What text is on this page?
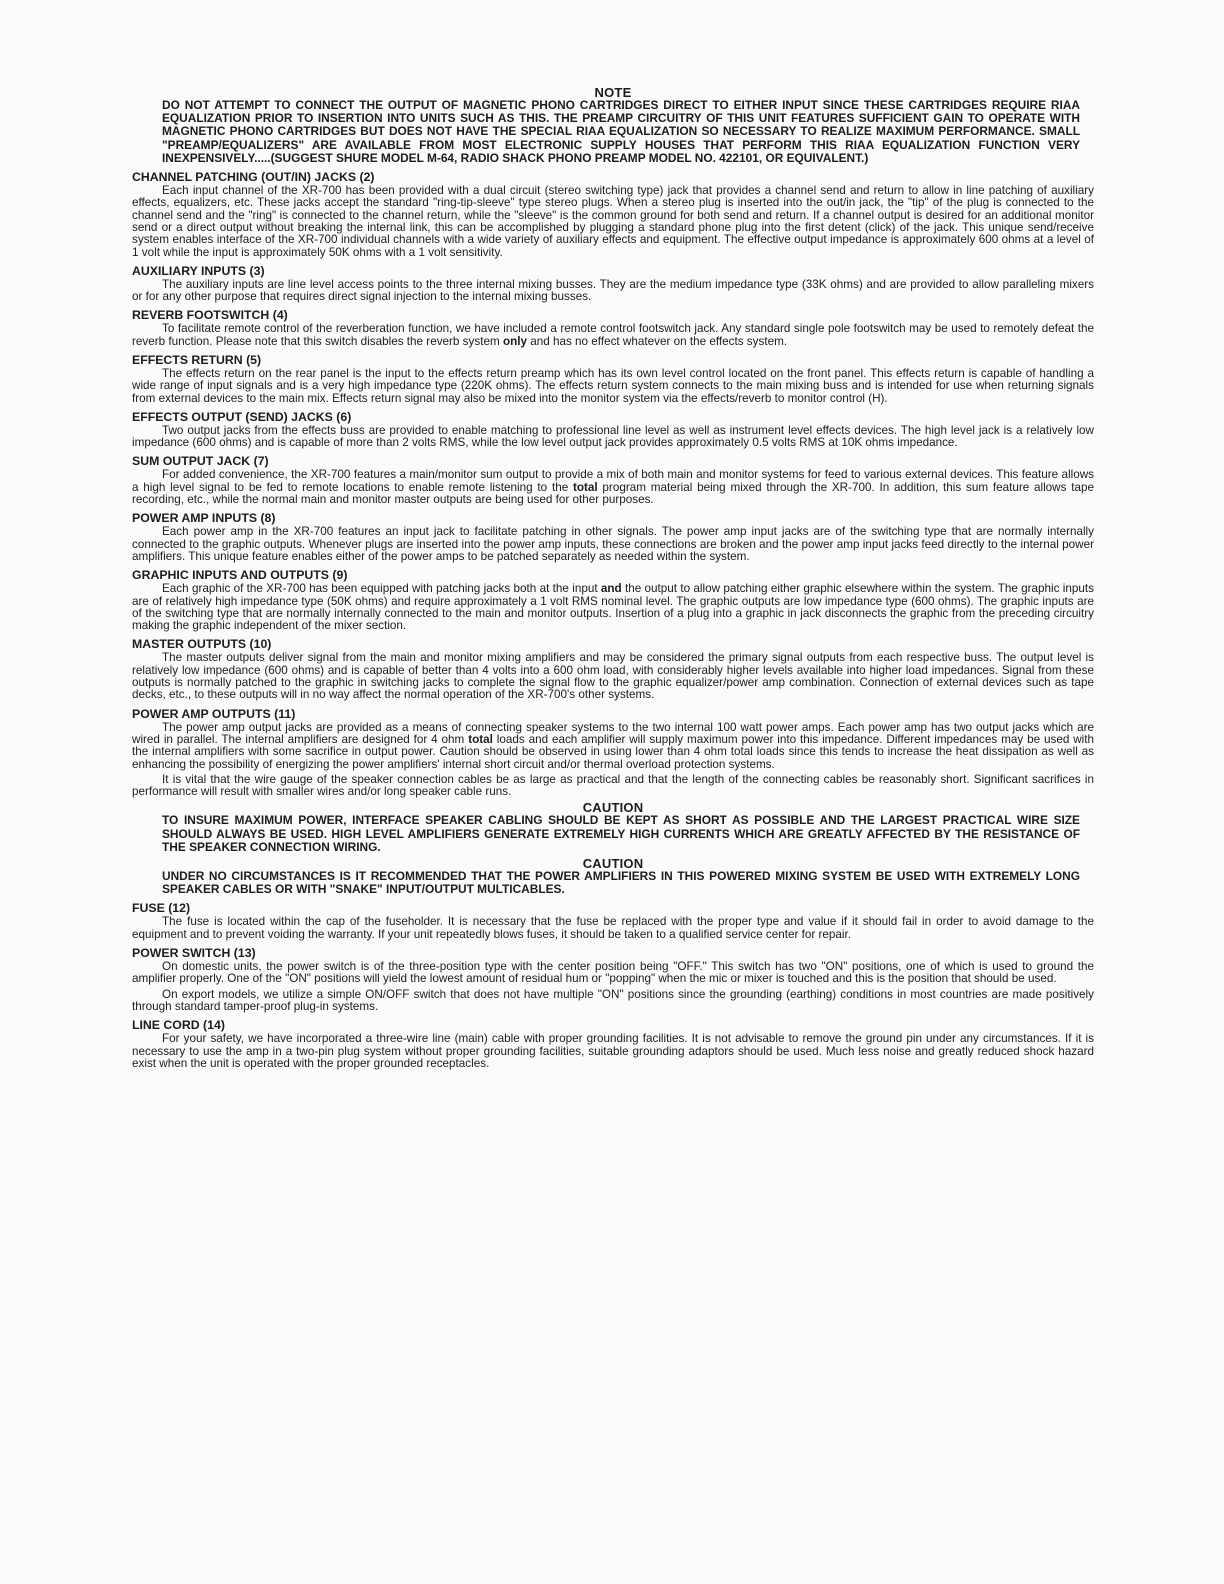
NOTE

DO NOT ATTEMPT TO CONNECT THE OUTPUT OF MAGNETIC PHONO CARTRIDGES DIRECT TO EITHER INPUT SINCE THESE CARTRIDGES REQUIRE RIAA EQUALIZATION PRIOR TO INSERTION INTO UNITS SUCH AS THIS. THE PREAMP CIRCUITRY OF THIS UNIT FEATURES SUFFICIENT GAIN TO OPERATE WITH MAGNETIC PHONO CARTRIDGES BUT DOES NOT HAVE THE SPECIAL RIAA EQUALIZATION SO NECESSARY TO REALIZE MAXIMUM PERFORMANCE. SMALL "PREAMP/EQUALIZERS" ARE AVAILABLE FROM MOST ELECTRONIC SUPPLY HOUSES THAT PERFORM THIS RIAA EQUALIZATION FUNCTION VERY INEXPENSIVELY.....(SUGGEST SHURE MODEL M-64, RADIO SHACK PHONO PREAMP MODEL NO. 422101, OR EQUIVALENT.)

CHANNEL PATCHING (OUT/IN) JACKS (2)

Each input channel of the XR-700 has been provided with a dual circuit (stereo switching type) jack that provides a channel send and return to allow in line patching of auxiliary effects, equalizers, etc. These jacks accept the standard "ring-tip-sleeve" type stereo plugs. When a stereo plug is inserted into the out/in jack, the "tip" of the plug is connected to the channel send and the "ring" is connected to the channel return, while the "sleeve" is the common ground for both send and return. If a channel output is desired for an additional monitor send or a direct output without breaking the internal link, this can be accomplished by plugging a standard phone plug into the first detent (click) of the jack. This unique send/receive system enables interface of the XR-700 individual channels with a wide variety of auxiliary effects and equipment. The effective output impedance is approximately 600 ohms at a level of 1 volt while the input is approximately 50K ohms with a 1 volt sensitivity.

AUXILIARY INPUTS (3)

The auxiliary inputs are line level access points to the three internal mixing busses. They are the medium impedance type (33K ohms) and are provided to allow paralleling mixers or for any other purpose that requires direct signal injection to the internal mixing busses.

REVERB FOOTSWITCH (4)

To facilitate remote control of the reverberation function, we have included a remote control footswitch jack. Any standard single pole footswitch may be used to remotely defeat the reverb function. Please note that this switch disables the reverb system only and has no effect whatever on the effects system.

EFFECTS RETURN (5)

The effects return on the rear panel is the input to the effects return preamp which has its own level control located on the front panel. This effects return is capable of handling a wide range of input signals and is a very high impedance type (220K ohms). The effects return system connects to the main mixing buss and is intended for use when returning signals from external devices to the main mix. Effects return signal may also be mixed into the monitor system via the effects/reverb to monitor control (H).

EFFECTS OUTPUT (SEND) JACKS (6)

Two output jacks from the effects buss are provided to enable matching to professional line level as well as instrument level effects devices. The high level jack is a relatively low impedance (600 ohms) and is capable of more than 2 volts RMS, while the low level output jack provides approximately 0.5 volts RMS at 10K ohms impedance.

SUM OUTPUT JACK (7)

For added convenience, the XR-700 features a main/monitor sum output to provide a mix of both main and monitor systems for feed to various external devices. This feature allows a high level signal to be fed to remote locations to enable remote listening to the total program material being mixed through the XR-700. In addition, this sum feature allows tape recording, etc., while the normal main and monitor master outputs are being used for other purposes.

POWER AMP INPUTS (8)

Each power amp in the XR-700 features an input jack to facilitate patching in other signals. The power amp input jacks are of the switching type that are normally internally connected to the graphic outputs. Whenever plugs are inserted into the power amp inputs, these connections are broken and the power amp input jacks feed directly to the internal power amplifiers. This unique feature enables either of the power amps to be patched separately as needed within the system.

GRAPHIC INPUTS AND OUTPUTS (9)

Each graphic of the XR-700 has been equipped with patching jacks both at the input and the output to allow patching either graphic elsewhere within the system. The graphic inputs are of relatively high impedance type (50K ohms) and require approximately a 1 volt RMS nominal level. The graphic outputs are low impedance type (600 ohms). The graphic inputs are of the switching type that are normally internally connected to the main and monitor outputs. Insertion of a plug into a graphic in jack disconnects the graphic from the preceding circuitry making the graphic independent of the mixer section.

MASTER OUTPUTS (10)

The master outputs deliver signal from the main and monitor mixing amplifiers and may be considered the primary signal outputs from each respective buss. The output level is relatively low impedance (600 ohms) and is capable of better than 4 volts into a 600 ohm load, with considerably higher levels available into higher load impedances. Signal from these outputs is normally patched to the graphic in switching jacks to complete the signal flow to the graphic equalizer/power amp combination. Connection of external devices such as tape decks, etc., to these outputs will in no way affect the normal operation of the XR-700's other systems.

POWER AMP OUTPUTS (11)

The power amp output jacks are provided as a means of connecting speaker systems to the two internal 100 watt power amps. Each power amp has two output jacks which are wired in parallel. The internal amplifiers are designed for 4 ohm total loads and each amplifier will supply maximum power into this impedance. Different impedances may be used with the internal amplifiers with some sacrifice in output power. Caution should be observed in using lower than 4 ohm total loads since this tends to increase the heat dissipation as well as enhancing the possibility of energizing the power amplifiers' internal short circuit and/or thermal overload protection systems.

It is vital that the wire gauge of the speaker connection cables be as large as practical and that the length of the connecting cables be reasonably short. Significant sacrifices in performance will result with smaller wires and/or long speaker cable runs.

CAUTION

TO INSURE MAXIMUM POWER, INTERFACE SPEAKER CABLING SHOULD BE KEPT AS SHORT AS POSSIBLE AND THE LARGEST PRACTICAL WIRE SIZE SHOULD ALWAYS BE USED. HIGH LEVEL AMPLIFIERS GENERATE EXTREMELY HIGH CURRENTS WHICH ARE GREATLY AFFECTED BY THE RESISTANCE OF THE SPEAKER CONNECTION WIRING.

CAUTION

UNDER NO CIRCUMSTANCES IS IT RECOMMENDED THAT THE POWER AMPLIFIERS IN THIS POWERED MIXING SYSTEM BE USED WITH EXTREMELY LONG SPEAKER CABLES OR WITH "SNAKE" INPUT/OUTPUT MULTICABLES.

FUSE (12)

The fuse is located within the cap of the fuseholder. It is necessary that the fuse be replaced with the proper type and value if it should fail in order to avoid damage to the equipment and to prevent voiding the warranty. If your unit repeatedly blows fuses, it should be taken to a qualified service center for repair.

POWER SWITCH (13)

On domestic units, the power switch is of the three-position type with the center position being "OFF." This switch has two "ON" positions, one of which is used to ground the amplifier properly. One of the "ON" positions will yield the lowest amount of residual hum or "popping" when the mic or mixer is touched and this is the position that should be used.

On export models, we utilize a simple ON/OFF switch that does not have multiple "ON" positions since the grounding (earthing) conditions in most countries are made positively through standard tamper-proof plug-in systems.

LINE CORD (14)

For your safety, we have incorporated a three-wire line (main) cable with proper grounding facilities. It is not advisable to remove the ground pin under any circumstances. If it is necessary to use the amp in a two-pin plug system without proper grounding facilities, suitable grounding adaptors should be used. Much less noise and greatly reduced shock hazard exist when the unit is operated with the proper grounded receptacles.
